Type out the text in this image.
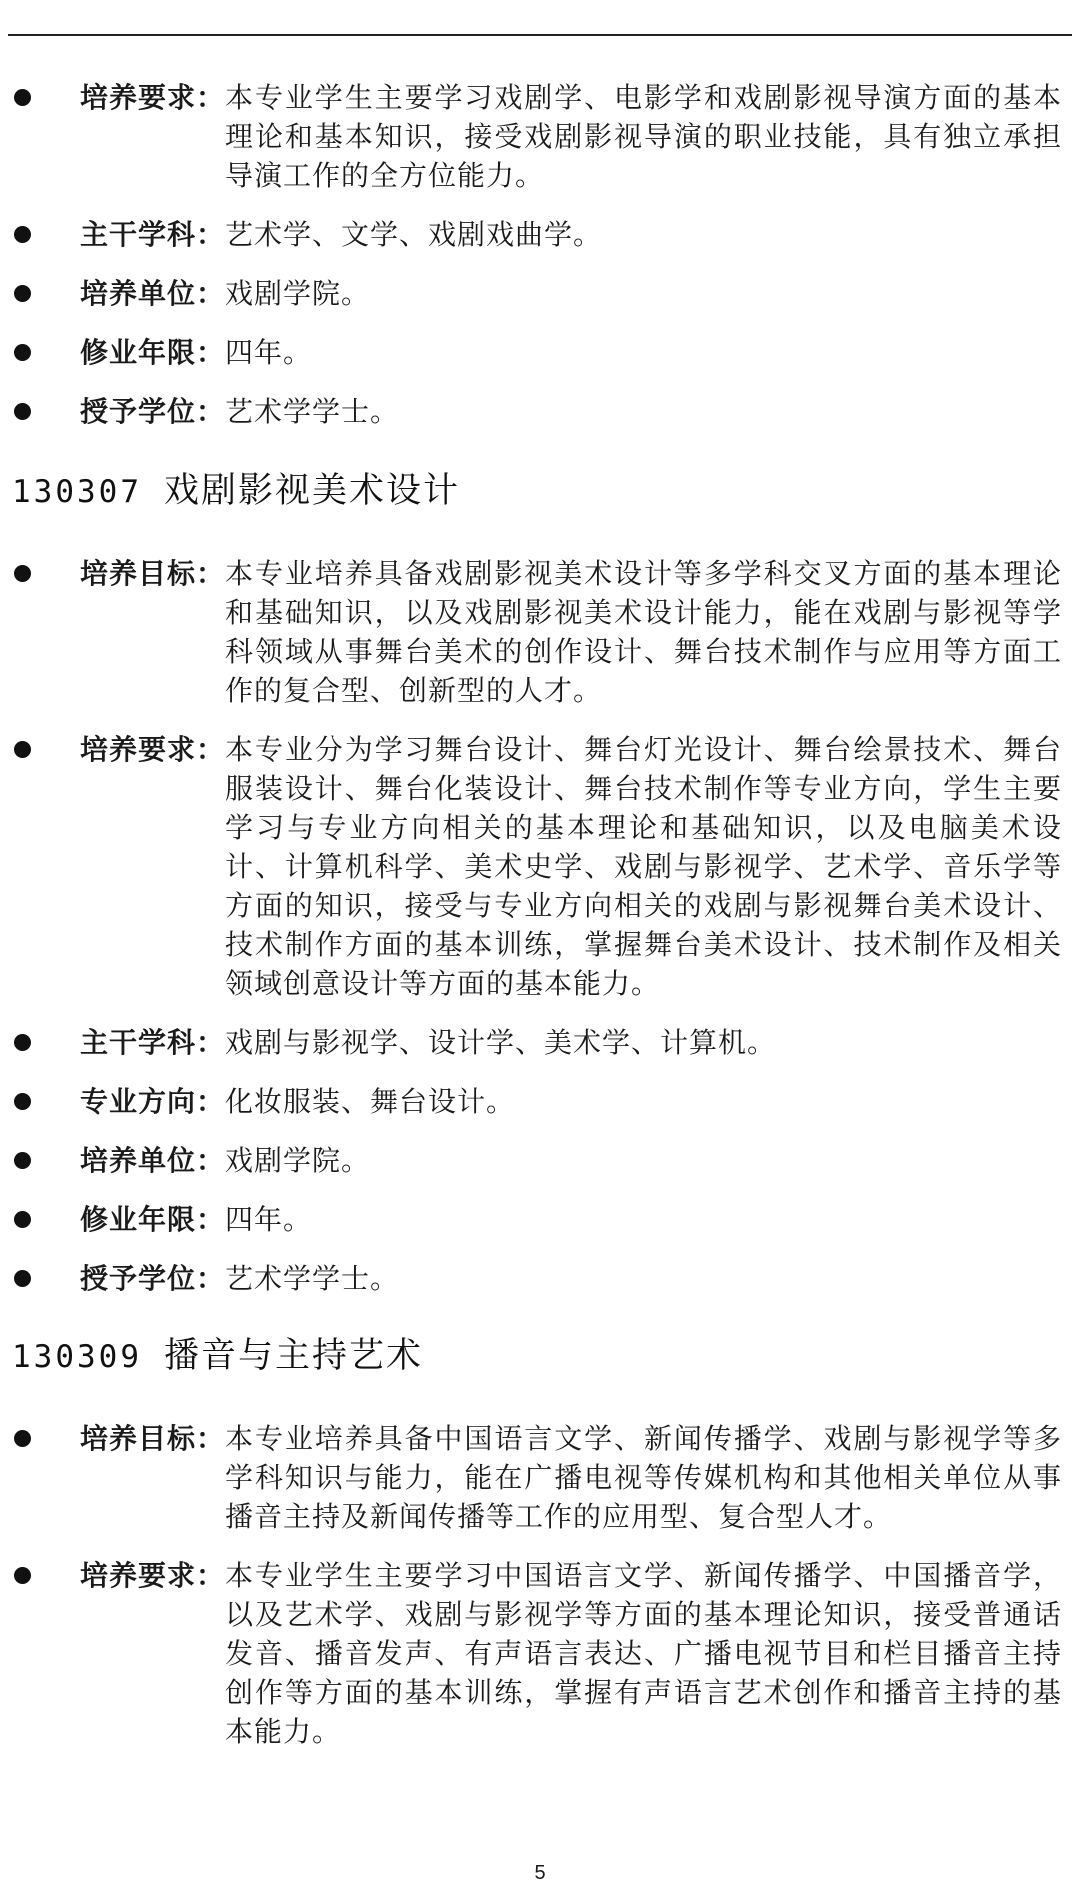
培养要求： 本专业学生主要学习戏剧学、电影学和戏剧影视导演方面的基本理论和基本知识，接受戏剧影视导演的职业技能，具有独立承担导演工作的全方位能力。
主干学科：艺术学、文学、戏剧戏曲学。
培养单位：戏剧学院。
修业年限：四年。
授予学位：艺术学学士。
130307 戏剧影视美术设计
培养目标： 本专业培养具备戏剧影视美术设计等多学科交叉方面的基本理论和基础知识，以及戏剧影视美术设计能力，能在戏剧与影视等学科领域从事舞台美术的创作设计、舞台技术制作与应用等方面工作的复合型、创新型的人才。
培养要求： 本专业分为学习舞台设计、舞台灯光设计、舞台绘景技术、舞台服装设计、舞台化装设计、舞台技术制作等专业方向，学生主要学习与专业方向相关的基本理论和基础知识，以及电脑美术设计、计算机科学、美术史学、戏剧与影视学、艺术学、音乐学等方面的知识，接受与专业方向相关的戏剧与影视舞台美术设计、技术制作方面的基本训练，掌握舞台美术设计、技术制作及相关领域创意设计等方面的基本能力。
主干学科：戏剧与影视学、设计学、美术学、计算机。
专业方向：化妆服装、舞台设计。
培养单位：戏剧学院。
修业年限：四年。
授予学位：艺术学学士。
130309 播音与主持艺术
培养目标： 本专业培养具备中国语言文学、新闻传播学、戏剧与影视学等多学科知识与能力，能在广播电视等传媒机构和其他相关单位从事播音主持及新闻传播等工作的应用型、复合型人才。
培养要求： 本专业学生主要学习中国语言文学、新闻传播学、中国播音学，以及艺术学、戏剧与影视学等方面的基本理论知识，接受普通话发音、播音发声、有声语言表达、广播电视节目和栏目播音主持创作等方面的基本训练，掌握有声语言艺术创作和播音主持的基本能力。
5
